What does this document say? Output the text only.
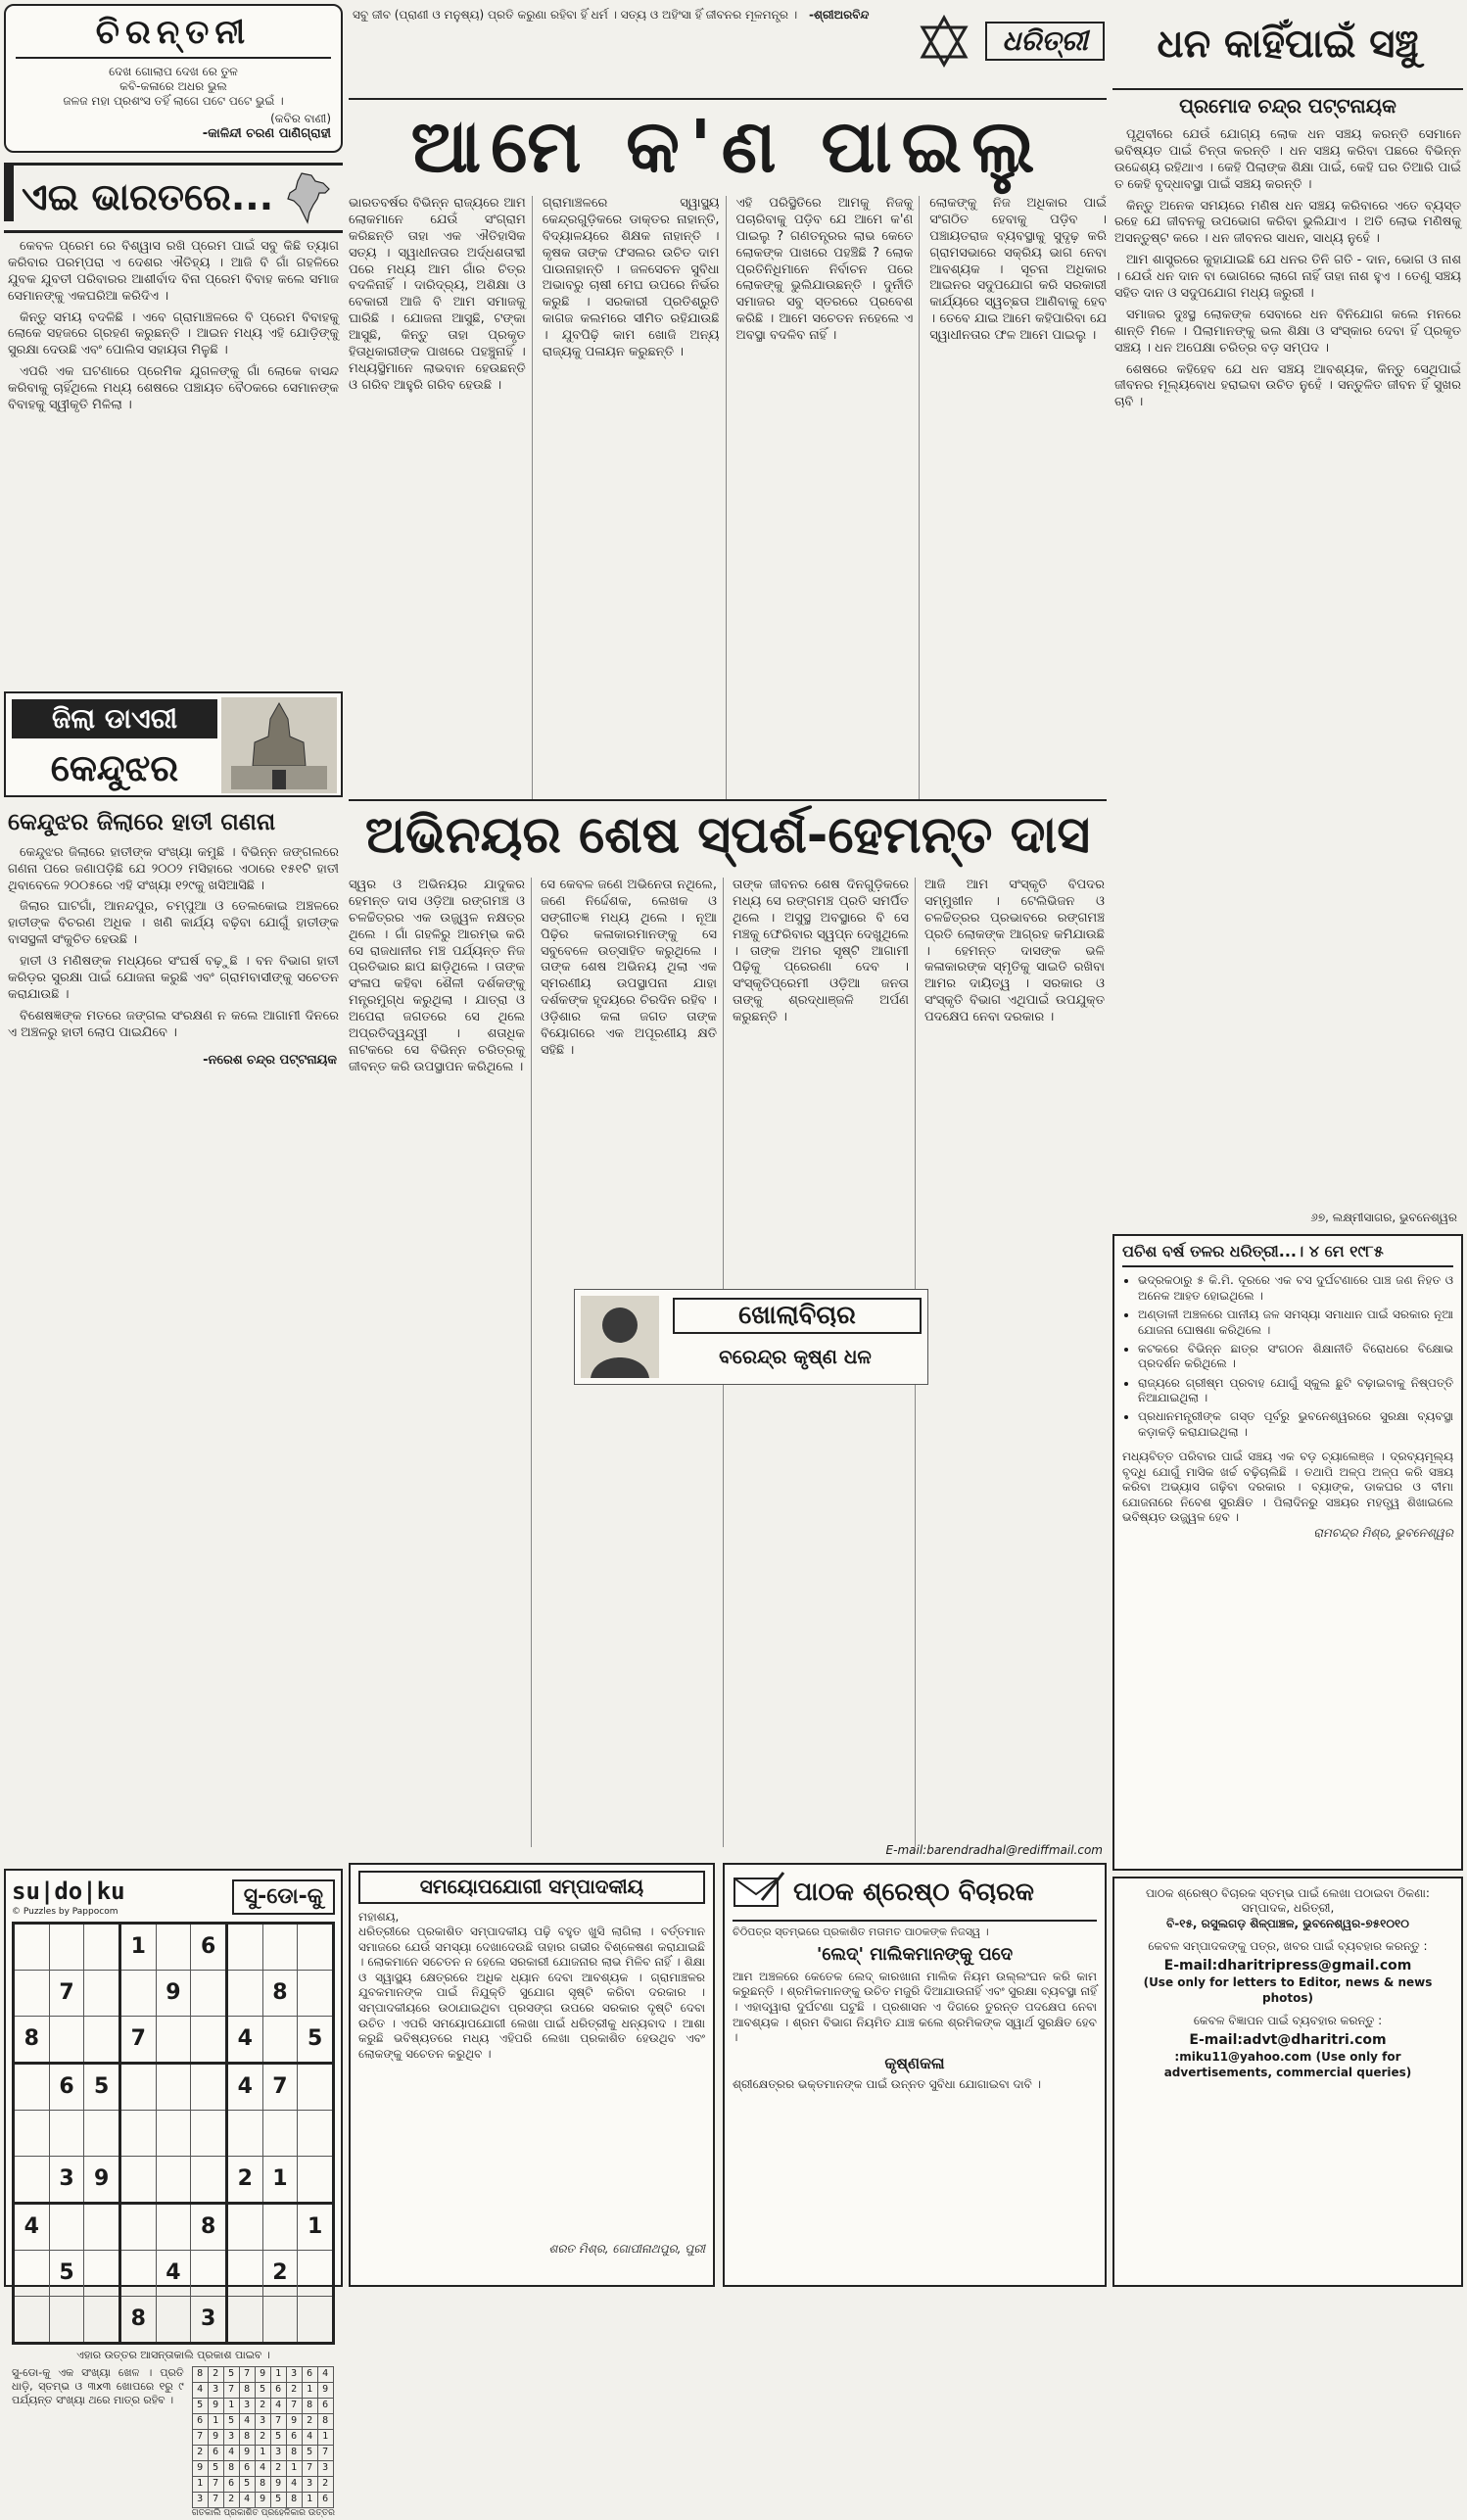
ଚିରନ୍ତନୀ
ଦେଖ ଗୋଲାପ ଦେଖ ରେ ତୁଳ
କବି-କଳାରେ ଅଧର ଭୁଲ
ଜଳଜ ମହା ପ୍ରଶଂସ ତହିଁ ଲାଗେ ପଟେ ପଟେ ଭୁଇଁ ।
(କବିର ବାଣୀ)
-କାଳିନ୍ଦୀ ଚରଣ ପାଣିଗ୍ରାହୀ
ଏଇ ଭାରତରେ...

କେବଳ ପ୍ରେମ ରେ ବିଶ୍ୱାସ ରଖି ପ୍ରେମ ପାଇଁ ସବୁ କିଛି ତ୍ୟାଗ କରିବାର ପରମ୍ପରା ଏ ଦେଶର ଐତିହ୍ୟ । ଆଜି ବି ଗାଁ ଗହଳିରେ ଯୁବକ ଯୁବତୀ ପରିବାରର ଆଶୀର୍ବାଦ ବିନା ପ୍ରେମ ବିବାହ କଲେ ସମାଜ ସେମାନଙ୍କୁ ଏକଘରିଆ କରିଦିଏ ।

କିନ୍ତୁ ସମୟ ବଦଳିଛି । ଏବେ ଗ୍ରାମାଞ୍ଚଳରେ ବି ପ୍ରେମ ବିବାହକୁ ଲୋକେ ସହଜରେ ଗ୍ରହଣ କରୁଛନ୍ତି । ଆଇନ ମଧ୍ୟ ଏହି ଯୋଡ଼ିଙ୍କୁ ସୁରକ୍ଷା ଦେଉଛି ଏବଂ ପୋଲିସ ସହାୟତା ମିଳୁଛି ।

ଏପରି ଏକ ଘଟଣାରେ ପ୍ରେମିକ ଯୁଗଳଙ୍କୁ ଗାଁ ଲୋକେ ବାସନ୍ଦ କରିବାକୁ ଚାହିଁଥିଲେ ମଧ୍ୟ ଶେଷରେ ପଞ୍ଚାୟତ ବୈଠକରେ ସେମାନଙ୍କ ବିବାହକୁ ସ୍ୱୀକୃତି ମିଳିଲା ।

ଜିଲା ଡାଏରୀ
କେନ୍ଦୁଝର
କେନ୍ଦୁଝର ଜିଲାରେ ହାତୀ ଗଣନା

କେନ୍ଦୁଝର ଜିଲାରେ ହାତୀଙ୍କ ସଂଖ୍ୟା କମୁଛି । ବିଭିନ୍ନ ଜଙ୍ଗଲରେ ଗଣନା ପରେ ଜଣାପଡ଼ିଛି ଯେ ୨୦୦୨ ମସିହାରେ ଏଠାରେ ୧୫୧ଟି ହାତୀ ଥିବାବେଳେ ୨୦୦୫ରେ ଏହି ସଂଖ୍ୟା ୧୨୯କୁ ଖସିଆସିଛି ।

ଜିଲାର ଘାଟଗାଁ, ଆନନ୍ଦପୁର, ଚମ୍ପୁଆ ଓ ତେଲକୋଇ ଅଞ୍ଚଳରେ ହାତୀଙ୍କ ବିଚରଣ ଅଧିକ । ଖଣି କାର୍ଯ୍ୟ ବଢ଼ିବା ଯୋଗୁଁ ହାତୀଙ୍କ ବାସସ୍ଥଳୀ ସଂକୁଚିତ ହେଉଛି ।

ହାତୀ ଓ ମଣିଷଙ୍କ ମଧ୍ୟରେ ସଂଘର୍ଷ ବଢ଼ୁଛି । ବନ ବିଭାଗ ହାତୀ କରିଡ଼ର ସୁରକ୍ଷା ପାଇଁ ଯୋଜନା କରୁଛି ଏବଂ ଗ୍ରାମବାସୀଙ୍କୁ ସଚେତନ କରାଯାଉଛି ।

ବିଶେଷଜ୍ଞଙ୍କ ମତରେ ଜଙ୍ଗଲ ସଂରକ୍ଷଣ ନ କଲେ ଆଗାମୀ ଦିନରେ ଏ ଅଞ୍ଚଳରୁ ହାତୀ ଲୋପ ପାଇଯିବେ ।

-ନରେଶ ଚନ୍ଦ୍ର ପଟ୍ଟନାୟକ
su|do|ku
© Puzzles by Pappocom
ସୁ-ଡୋ-କୁ
			1		6			
	7			9			8	
8			7			4		5
	6	5				4	7	

	3	9				2	1	
4					8			1
	5			4			2	
			8		3			
ଏହାର ଉତ୍ତର ଆସନ୍ତାକାଲି ପ୍ରକାଶ ପାଇବ ।
ସୁ-ଡୋ-କୁ ଏକ ସଂଖ୍ୟା ଖେଳ । ପ୍ରତି ଧାଡ଼ି, ସ୍ତମ୍ଭ ଓ ୩x୩ ଖୋପରେ ୧ରୁ ୯ ପର୍ଯ୍ୟନ୍ତ ସଂଖ୍ୟା ଥରେ ମାତ୍ର ରହିବ ।
8	2	5	7	9	1	3	6	4
4	3	7	8	5	6	2	1	9
5	9	1	3	2	4	7	8	6
6	1	5	4	3	7	9	2	8
7	9	3	8	2	5	6	4	1
2	6	4	9	1	3	8	5	7
9	5	8	6	4	2	1	7	3
1	7	6	5	8	9	4	3	2
3	7	2	4	9	5	8	1	6
ଗତକାଲି ପ୍ରକାଶିତ ପ୍ରହେଳିକାର ଉତ୍ତର
ସବୁ ଜୀବ (ପ୍ରାଣୀ ଓ ମନୁଷ୍ୟ) ପ୍ରତି କରୁଣା ରହିବା ହିଁ ଧର୍ମ । ସତ୍ୟ ଓ ଅହିଂସା ହିଁ ଜୀବନର ମୂଳମନ୍ତ୍ର । -ଶ୍ରୀଅରବିନ୍ଦ
ଧରିତ୍ରୀ
ଆମେ କ'ଣ ପାଇଲୁ
ଭାରତବର୍ଷର ବିଭିନ୍ନ ରାଜ୍ୟରେ ଆମ ଲୋକମାନେ ଯେଉଁ ସଂଗ୍ରାମ କରିଛନ୍ତି ତାହା ଏକ ଐତିହାସିକ ସତ୍ୟ । ସ୍ୱାଧୀନତାର ଅର୍ଦ୍ଧଶତାବ୍ଦୀ ପରେ ମଧ୍ୟ ଆମ ଗାଁର ଚିତ୍ର ବଦଳିନାହିଁ । ଦାରିଦ୍ର୍ୟ, ଅଶିକ୍ଷା ଓ ବେକାରୀ ଆଜି ବି ଆମ ସମାଜକୁ ଘାରିଛି । ଯୋଜନା ଆସୁଛି, ଟଙ୍କା ଆସୁଛି, କିନ୍ତୁ ତାହା ପ୍ରକୃତ ହିତାଧିକାରୀଙ୍କ ପାଖରେ ପହଞ୍ଚୁନାହିଁ । ମଧ୍ୟସ୍ଥିମାନେ ଲାଭବାନ ହେଉଛନ୍ତି ଓ ଗରିବ ଆହୁରି ଗରିବ ହେଉଛି ।
ଗ୍ରାମାଞ୍ଚଳରେ ସ୍ୱାସ୍ଥ୍ୟ କେନ୍ଦ୍ରଗୁଡ଼ିକରେ ଡାକ୍ତର ନାହାନ୍ତି, ବିଦ୍ୟାଳୟରେ ଶିକ୍ଷକ ନାହାନ୍ତି । କୃଷକ ତାଙ୍କ ଫସଲର ଉଚିତ ଦାମ ପାଉନାହାନ୍ତି । ଜଳସେଚନ ସୁବିଧା ଅଭାବରୁ ଚାଷୀ ମେଘ ଉପରେ ନିର୍ଭର କରୁଛି । ସରକାରୀ ପ୍ରତିଶ୍ରୁତି କାଗଜ କଲମରେ ସୀମିତ ରହିଯାଉଛି । ଯୁବପିଢ଼ି କାମ ଖୋଜି ଅନ୍ୟ ରାଜ୍ୟକୁ ପଳାୟନ କରୁଛନ୍ତି ।
ଏହି ପରିସ୍ଥିତିରେ ଆମକୁ ନିଜକୁ ପଚାରିବାକୁ ପଡ଼ିବ ଯେ ଆମେ କ'ଣ ପାଇଲୁ ? ଗଣତନ୍ତ୍ରର ଲାଭ କେତେ ଲୋକଙ୍କ ପାଖରେ ପହଞ୍ଚିଛି ? ଲୋକ ପ୍ରତିନିଧିମାନେ ନିର୍ବାଚନ ପରେ ଲୋକଙ୍କୁ ଭୁଲିଯାଉଛନ୍ତି । ଦୁର୍ନୀତି ସମାଜର ସବୁ ସ୍ତରରେ ପ୍ରବେଶ କରିଛି । ଆମେ ସଚେତନ ନହେଲେ ଏ ଅବସ୍ଥା ବଦଳିବ ନାହିଁ ।
ଲୋକଙ୍କୁ ନିଜ ଅଧିକାର ପାଇଁ ସଂଗଠିତ ହେବାକୁ ପଡ଼ିବ । ପଞ୍ଚାୟତରାଜ ବ୍ୟବସ୍ଥାକୁ ସୁଦୃଢ଼ କରି ଗ୍ରାମସଭାରେ ସକ୍ରିୟ ଭାଗ ନେବା ଆବଶ୍ୟକ । ସୂଚନା ଅଧିକାର ଆଇନର ସଦୁପଯୋଗ କରି ସରକାରୀ କାର୍ଯ୍ୟରେ ସ୍ୱଚ୍ଛତା ଆଣିବାକୁ ହେବ । ତେବେ ଯାଇ ଆମେ କହିପାରିବା ଯେ ସ୍ୱାଧୀନତାର ଫଳ ଆମେ ପାଇଲୁ ।
ଅଭିନୟର ଶେଷ ସ୍ପର୍ଶ-ହେମନ୍ତ ଦାସ
ସ୍ୱର ଓ ଅଭିନୟର ଯାଦୁକର ହେମନ୍ତ ଦାସ ଓଡ଼ିଆ ରଙ୍ଗମଞ୍ଚ ଓ ଚଳଚ୍ଚିତ୍ରର ଏକ ଉଜ୍ଜ୍ୱଳ ନକ୍ଷତ୍ର ଥିଲେ । ଗାଁ ଗହଳିରୁ ଆରମ୍ଭ କରି ସେ ରାଜଧାନୀର ମଞ୍ଚ ପର୍ଯ୍ୟନ୍ତ ନିଜ ପ୍ରତିଭାର ଛାପ ଛାଡ଼ିଥିଲେ । ତାଙ୍କ ସଂଳାପ କହିବା ଶୈଳୀ ଦର୍ଶକଙ୍କୁ ମନ୍ତ୍ରମୁଗ୍ଧ କରୁଥିଲା । ଯାତ୍ରା ଓ ଅପେରା ଜଗତରେ ସେ ଥିଲେ ଅପ୍ରତିଦ୍ୱନ୍ଦ୍ୱୀ । ଶତାଧିକ ନାଟକରେ ସେ ବିଭିନ୍ନ ଚରିତ୍ରକୁ ଜୀବନ୍ତ କରି ଉପସ୍ଥାପନ କରିଥିଲେ ।
ସେ କେବଳ ଜଣେ ଅଭିନେତା ନଥିଲେ, ଜଣେ ନିର୍ଦ୍ଦେଶକ, ଲେଖକ ଓ ସଙ୍ଗୀତଜ୍ଞ ମଧ୍ୟ ଥିଲେ । ନୂଆ ପିଢ଼ିର କଳାକାରମାନଙ୍କୁ ସେ ସବୁବେଳେ ଉତ୍ସାହିତ କରୁଥିଲେ । ତାଙ୍କ ଶେଷ ଅଭିନୟ ଥିଲା ଏକ ସ୍ମରଣୀୟ ଉପସ୍ଥାପନା ଯାହା ଦର୍ଶକଙ୍କ ହୃଦୟରେ ଚିରଦିନ ରହିବ । ଓଡ଼ିଶାର କଳା ଜଗତ ତାଙ୍କ ବିୟୋଗରେ ଏକ ଅପୂରଣୀୟ କ୍ଷତି ସହିଛି ।
ତାଙ୍କ ଜୀବନର ଶେଷ ଦିନଗୁଡ଼ିକରେ ମଧ୍ୟ ସେ ରଙ୍ଗମଞ୍ଚ ପ୍ରତି ସମର୍ପିତ ଥିଲେ । ଅସୁସ୍ଥ ଅବସ୍ଥାରେ ବି ସେ ମଞ୍ଚକୁ ଫେରିବାର ସ୍ୱପ୍ନ ଦେଖୁଥିଲେ । ତାଙ୍କ ଅମର ସୃଷ୍ଟି ଆଗାମୀ ପିଢ଼ିକୁ ପ୍ରେରଣା ଦେବ । ସଂସ୍କୃତିପ୍ରେମୀ ଓଡ଼ିଆ ଜନତା ତାଙ୍କୁ ଶ୍ରଦ୍ଧାଞ୍ଜଳି ଅର୍ପଣ କରୁଛନ୍ତି ।
ଆଜି ଆମ ସଂସ୍କୃତି ବିପଦର ସମ୍ମୁଖୀନ । ଟେଲିଭିଜନ ଓ ଚଳଚ୍ଚିତ୍ରର ପ୍ରଭାବରେ ରଙ୍ଗମଞ୍ଚ ପ୍ରତି ଲୋକଙ୍କ ଆଗ୍ରହ କମିଯାଉଛି । ହେମନ୍ତ ଦାସଙ୍କ ଭଳି କଳାକାରଙ୍କ ସ୍ମୃତିକୁ ସାଇତି ରଖିବା ଆମର ଦାୟିତ୍ୱ । ସରକାର ଓ ସଂସ୍କୃତି ବିଭାଗ ଏଥିପାଇଁ ଉପଯୁକ୍ତ ପଦକ୍ଷେପ ନେବା ଦରକାର ।
ଖୋଲାବିଚାର
ବରେନ୍ଦ୍ର କୃଷ୍ଣ ଧଳ
E-mail:barendradhal@rediffmail.com
ସମୟୋପଯୋଗୀ ସମ୍ପାଦକୀୟ
ମହାଶୟ,
ଧରିତ୍ରୀରେ ପ୍ରକାଶିତ ସମ୍ପାଦକୀୟ ପଢ଼ି ବହୁତ ଖୁସି ଲାଗିଲା । ବର୍ତ୍ତମାନ ସମାଜରେ ଯେଉଁ ସମସ୍ୟା ଦେଖାଦେଉଛି ତାହାର ଗଭୀର ବିଶ୍ଳେଷଣ କରାଯାଇଛି । ଲୋକମାନେ ସଚେତନ ନ ହେଲେ ସରକାରୀ ଯୋଜନାର ଲାଭ ମିଳିବ ନାହିଁ । ଶିକ୍ଷା ଓ ସ୍ୱାସ୍ଥ୍ୟ କ୍ଷେତ୍ରରେ ଅଧିକ ଧ୍ୟାନ ଦେବା ଆବଶ୍ୟକ । ଗ୍ରାମାଞ୍ଚଳର ଯୁବକମାନଙ୍କ ପାଇଁ ନିଯୁକ୍ତି ସୁଯୋଗ ସୃଷ୍ଟି କରିବା ଦରକାର । ସମ୍ପାଦକୀୟରେ ଉଠାଯାଇଥିବା ପ୍ରସଙ୍ଗ ଉପରେ ସରକାର ଦୃଷ୍ଟି ଦେବା ଉଚିତ । ଏପରି ସମୟୋପଯୋଗୀ ଲେଖା ପାଇଁ ଧରିତ୍ରୀକୁ ଧନ୍ୟବାଦ । ଆଶା କରୁଛି ଭବିଷ୍ୟତରେ ମଧ୍ୟ ଏହିପରି ଲେଖା ପ୍ରକାଶିତ ହେଉଥିବ ଏବଂ ଲୋକଙ୍କୁ ସଚେତନ କରୁଥିବ ।
ଶରତ ମିଶ୍ର, ଗୋପୀନାଥପୁର, ପୁରୀ
ପାଠକ ଶ୍ରେଷ୍ଠ ବିଚାରକ
ଚିଠିପତ୍ର ସ୍ତମ୍ଭରେ ପ୍ରକାଶିତ ମତାମତ ପାଠକଙ୍କ ନିଜସ୍ୱ ।
'ଲେଦ୍' ମାଲିକମାନଙ୍କୁ ପଦେ
ଆମ ଅଞ୍ଚଳରେ କେତେକ ଲେଦ୍ କାରଖାନା ମାଲିକ ନିୟମ ଉଲ୍ଲଂଘନ କରି କାମ କରୁଛନ୍ତି । ଶ୍ରମିକମାନଙ୍କୁ ଉଚିତ ମଜୁରି ଦିଆଯାଉନାହିଁ ଏବଂ ସୁରକ୍ଷା ବ୍ୟବସ୍ଥା ନାହିଁ । ଏହାଦ୍ୱାରା ଦୁର୍ଘଟଣା ଘଟୁଛି । ପ୍ରଶାସନ ଏ ଦିଗରେ ତୁରନ୍ତ ପଦକ୍ଷେପ ନେବା ଆବଶ୍ୟକ । ଶ୍ରମ ବିଭାଗ ନିୟମିତ ଯାଞ୍ଚ କଲେ ଶ୍ରମିକଙ୍କ ସ୍ୱାର୍ଥ ସୁରକ୍ଷିତ ହେବ ।
କୃଷ୍ଣକଳା
ଶ୍ରୀକ୍ଷେତ୍ରର ଭକ୍ତମାନଙ୍କ ପାଇଁ ଉନ୍ନତ ସୁବିଧା ଯୋଗାଇବା ଦାବି ।
ଧନ କାହିଁପାଇଁ ସଞ୍ଚୁ
ପ୍ରମୋଦ ଚନ୍ଦ୍ର ପଟ୍ଟନାୟକ

ପୃଥିବୀରେ ଯେଉଁ ଯୋଗ୍ୟ ଲୋକ ଧନ ସଞ୍ଚୟ କରନ୍ତି ସେମାନେ ଭବିଷ୍ୟତ ପାଇଁ ଚିନ୍ତା କରନ୍ତି । ଧନ ସଞ୍ଚୟ କରିବା ପଛରେ ବିଭିନ୍ନ ଉଦ୍ଦେଶ୍ୟ ରହିଥାଏ । କେହି ପିଲାଙ୍କ ଶିକ୍ଷା ପାଇଁ, କେହି ଘର ତିଆରି ପାଇଁ ତ କେହି ବୃଦ୍ଧାବସ୍ଥା ପାଇଁ ସଞ୍ଚୟ କରନ୍ତି ।

କିନ୍ତୁ ଅନେକ ସମୟରେ ମଣିଷ ଧନ ସଞ୍ଚୟ କରିବାରେ ଏତେ ବ୍ୟସ୍ତ ରହେ ଯେ ଜୀବନକୁ ଉପଭୋଗ କରିବା ଭୁଲିଯାଏ । ଅତି ଲୋଭ ମଣିଷକୁ ଅସନ୍ତୁଷ୍ଟ କରେ । ଧନ ଜୀବନର ସାଧନ, ସାଧ୍ୟ ନୁହେଁ ।

ଆମ ଶାସ୍ତ୍ରରେ କୁହାଯାଇଛି ଯେ ଧନର ତିନି ଗତି - ଦାନ, ଭୋଗ ଓ ନାଶ । ଯେଉଁ ଧନ ଦାନ ବା ଭୋଗରେ ଲାଗେ ନାହିଁ ତାହା ନାଶ ହୁଏ । ତେଣୁ ସଞ୍ଚୟ ସହିତ ଦାନ ଓ ସଦୁପଯୋଗ ମଧ୍ୟ ଜରୁରୀ ।

ସମାଜର ଦୁଃସ୍ଥ ଲୋକଙ୍କ ସେବାରେ ଧନ ବିନିଯୋଗ କଲେ ମନରେ ଶାନ୍ତି ମିଳେ । ପିଲାମାନଙ୍କୁ ଭଲ ଶିକ୍ଷା ଓ ସଂସ୍କାର ଦେବା ହିଁ ପ୍ରକୃତ ସଞ୍ଚୟ । ଧନ ଅପେକ୍ଷା ଚରିତ୍ର ବଡ଼ ସମ୍ପଦ ।

ଶେଷରେ କହିହେବ ଯେ ଧନ ସଞ୍ଚୟ ଆବଶ୍ୟକ, କିନ୍ତୁ ସେଥିପାଇଁ ଜୀବନର ମୂଲ୍ୟବୋଧ ହରାଇବା ଉଚିତ ନୁହେଁ । ସନ୍ତୁଳିତ ଜୀବନ ହିଁ ସୁଖର ଚାବି ।

୬୭, ଲକ୍ଷ୍ମୀସାଗର, ଭୁବନେଶ୍ୱର
ପଚିଶ ବର୍ଷ ତଳର ଧରିତ୍ରୀ...। ୪ ମେ ୧୯୮୫
• ଭଦ୍ରକଠାରୁ ୫ କି.ମି. ଦୂରରେ ଏକ ବସ ଦୁର୍ଘଟଣାରେ ପାଞ୍ଚ ଜଣ ନିହତ ଓ ଅନେକ ଆହତ ହୋଇଥିଲେ ।
• ଅଣ୍ଡାଳୀ ଅଞ୍ଚଳରେ ପାନୀୟ ଜଳ ସମସ୍ୟା ସମାଧାନ ପାଇଁ ସରକାର ନୂଆ ଯୋଜନା ଘୋଷଣା କରିଥିଲେ ।
• କଟକରେ ବିଭିନ୍ନ ଛାତ୍ର ସଂଗଠନ ଶିକ୍ଷାନୀତି ବିରୋଧରେ ବିକ୍ଷୋଭ ପ୍ରଦର୍ଶନ କରିଥିଲେ ।
• ରାଜ୍ୟରେ ଗ୍ରୀଷ୍ମ ପ୍ରବାହ ଯୋଗୁଁ ସ୍କୁଲ ଛୁଟି ବଢ଼ାଇବାକୁ ନିଷ୍ପତ୍ତି ନିଆଯାଇଥିଲା ।
• ପ୍ରଧାନମନ୍ତ୍ରୀଙ୍କ ଗସ୍ତ ପୂର୍ବରୁ ଭୁବନେଶ୍ୱରରେ ସୁରକ୍ଷା ବ୍ୟବସ୍ଥା କଡ଼ାକଡ଼ି କରାଯାଇଥିଲା ।
ମଧ୍ୟବିତ୍ତ ପରିବାର ପାଇଁ ସଞ୍ଚୟ ଏକ ବଡ଼ ଚ୍ୟାଲେଞ୍ଜ । ଦ୍ରବ୍ୟମୂଲ୍ୟ ବୃଦ୍ଧି ଯୋଗୁଁ ମାସିକ ଖର୍ଚ୍ଚ ବଢ଼ିଚାଲିଛି । ତଥାପି ଅଳ୍ପ ଅଳ୍ପ କରି ସଞ୍ଚୟ କରିବା ଅଭ୍ୟାସ ଗଢ଼ିବା ଦରକାର । ବ୍ୟାଙ୍କ, ଡାକଘର ଓ ବୀମା ଯୋଜନାରେ ନିବେଶ ସୁରକ୍ଷିତ । ପିଲାଦିନରୁ ସଞ୍ଚୟର ମହତ୍ତ୍ୱ ଶିଖାଇଲେ ଭବିଷ୍ୟତ ଉଜ୍ଜ୍ୱଳ ହେବ ।
ରାମଚନ୍ଦ୍ର ମିଶ୍ର, ଭୁବନେଶ୍ୱର
ପାଠକ ଶ୍ରେଷ୍ଠ ବିଚାରକ ସ୍ତମ୍ଭ ପାଇଁ ଲେଖା ପଠାଇବା ଠିକଣା: ସମ୍ପାଦକ, ଧରିତ୍ରୀ,
ବି-୧୫, ରସୁଲଗଡ଼ ଶିଳ୍ପାଞ୍ଚଳ, ଭୁବନେଶ୍ୱର-୭୫୧୦୧୦
କେବଳ ସମ୍ପାଦକଙ୍କୁ ପତ୍ର, ଖବର ପାଇଁ ବ୍ୟବହାର କରନ୍ତୁ :
E-mail:dharitripress@gmail.com
(Use only for letters to Editor, news & news photos)
କେବଳ ବିଜ୍ଞାପନ ପାଇଁ ବ୍ୟବହାର କରନ୍ତୁ :
E-mail:advt@dharitri.com
:miku11@yahoo.com (Use only for advertisements, commercial queries)
